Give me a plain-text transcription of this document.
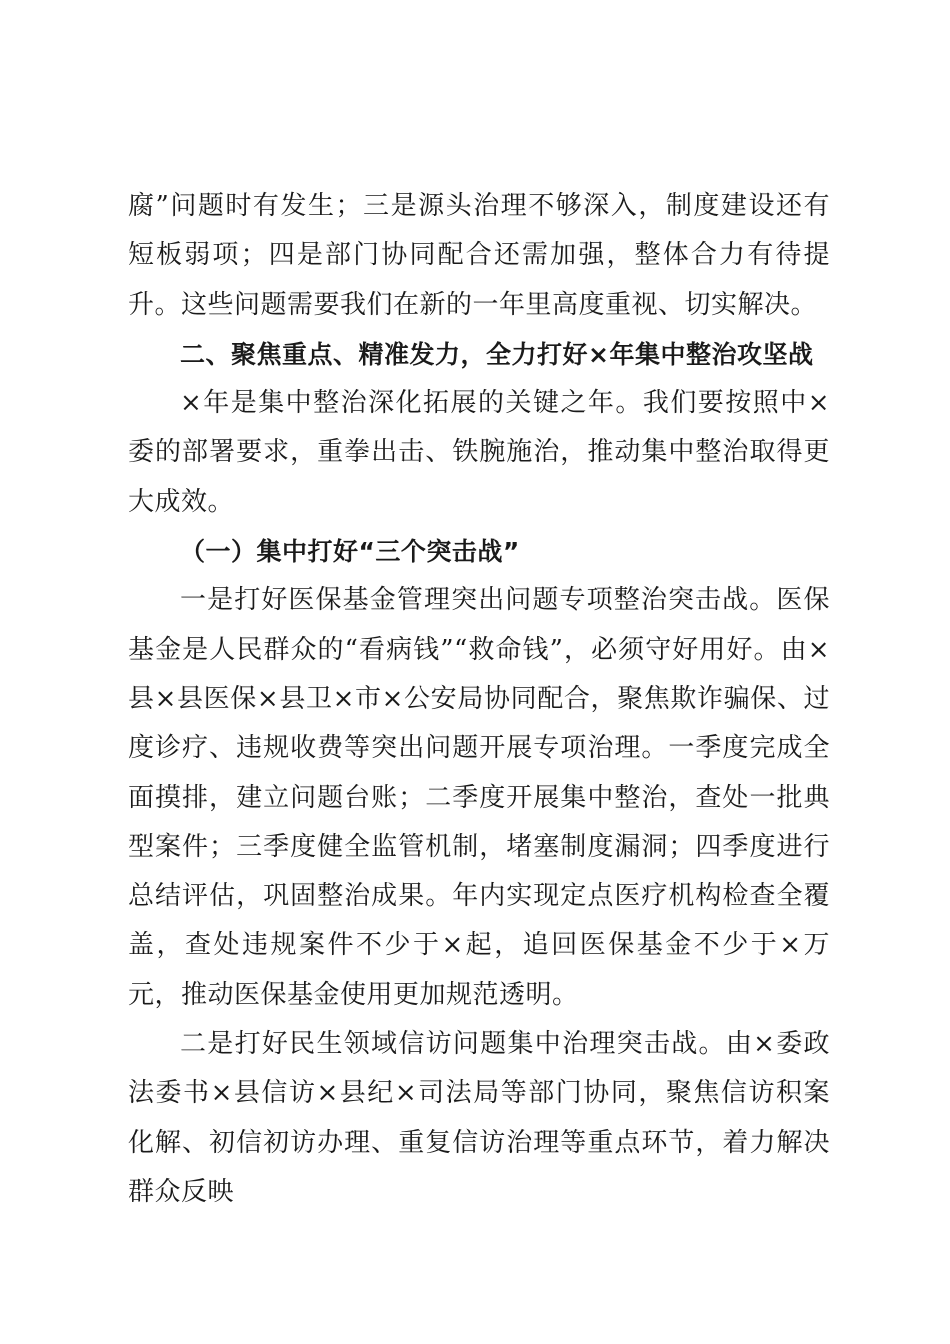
腐”问题时有发生；三是源头治理不够深入，制度建设还有短板弱项；四是部门协同配合还需加强，整体合力有待提升。这些问题需要我们在新的一年里高度重视、切实解决。

二、聚焦重点、精准发力，全力打好×年集中整治攻坚战

×年是集中整治深化拓展的关键之年。我们要按照中×委的部署要求，重拳出击、铁腕施治，推动集中整治取得更大成效。

（一）集中打好“三个突击战”

一是打好医保基金管理突出问题专项整治突击战。医保基金是人民群众的“看病钱”“救命钱”，必须守好用好。由×县×县医保×县卫×市×公安局协同配合，聚焦欺诈骗保、过度诊疗、违规收费等突出问题开展专项治理。一季度完成全面摸排，建立问题台账；二季度开展集中整治，查处一批典型案件；三季度健全监管机制，堵塞制度漏洞；四季度进行总结评估，巩固整治成果。年内实现定点医疗机构检查全覆盖，查处违规案件不少于×起，追回医保基金不少于×万元，推动医保基金使用更加规范透明。

二是打好民生领域信访问题集中治理突击战。由×委政法委书×县信访×县纪×司法局等部门协同，聚焦信访积案化解、初信初访办理、重复信访治理等重点环节，着力解决群众反映
